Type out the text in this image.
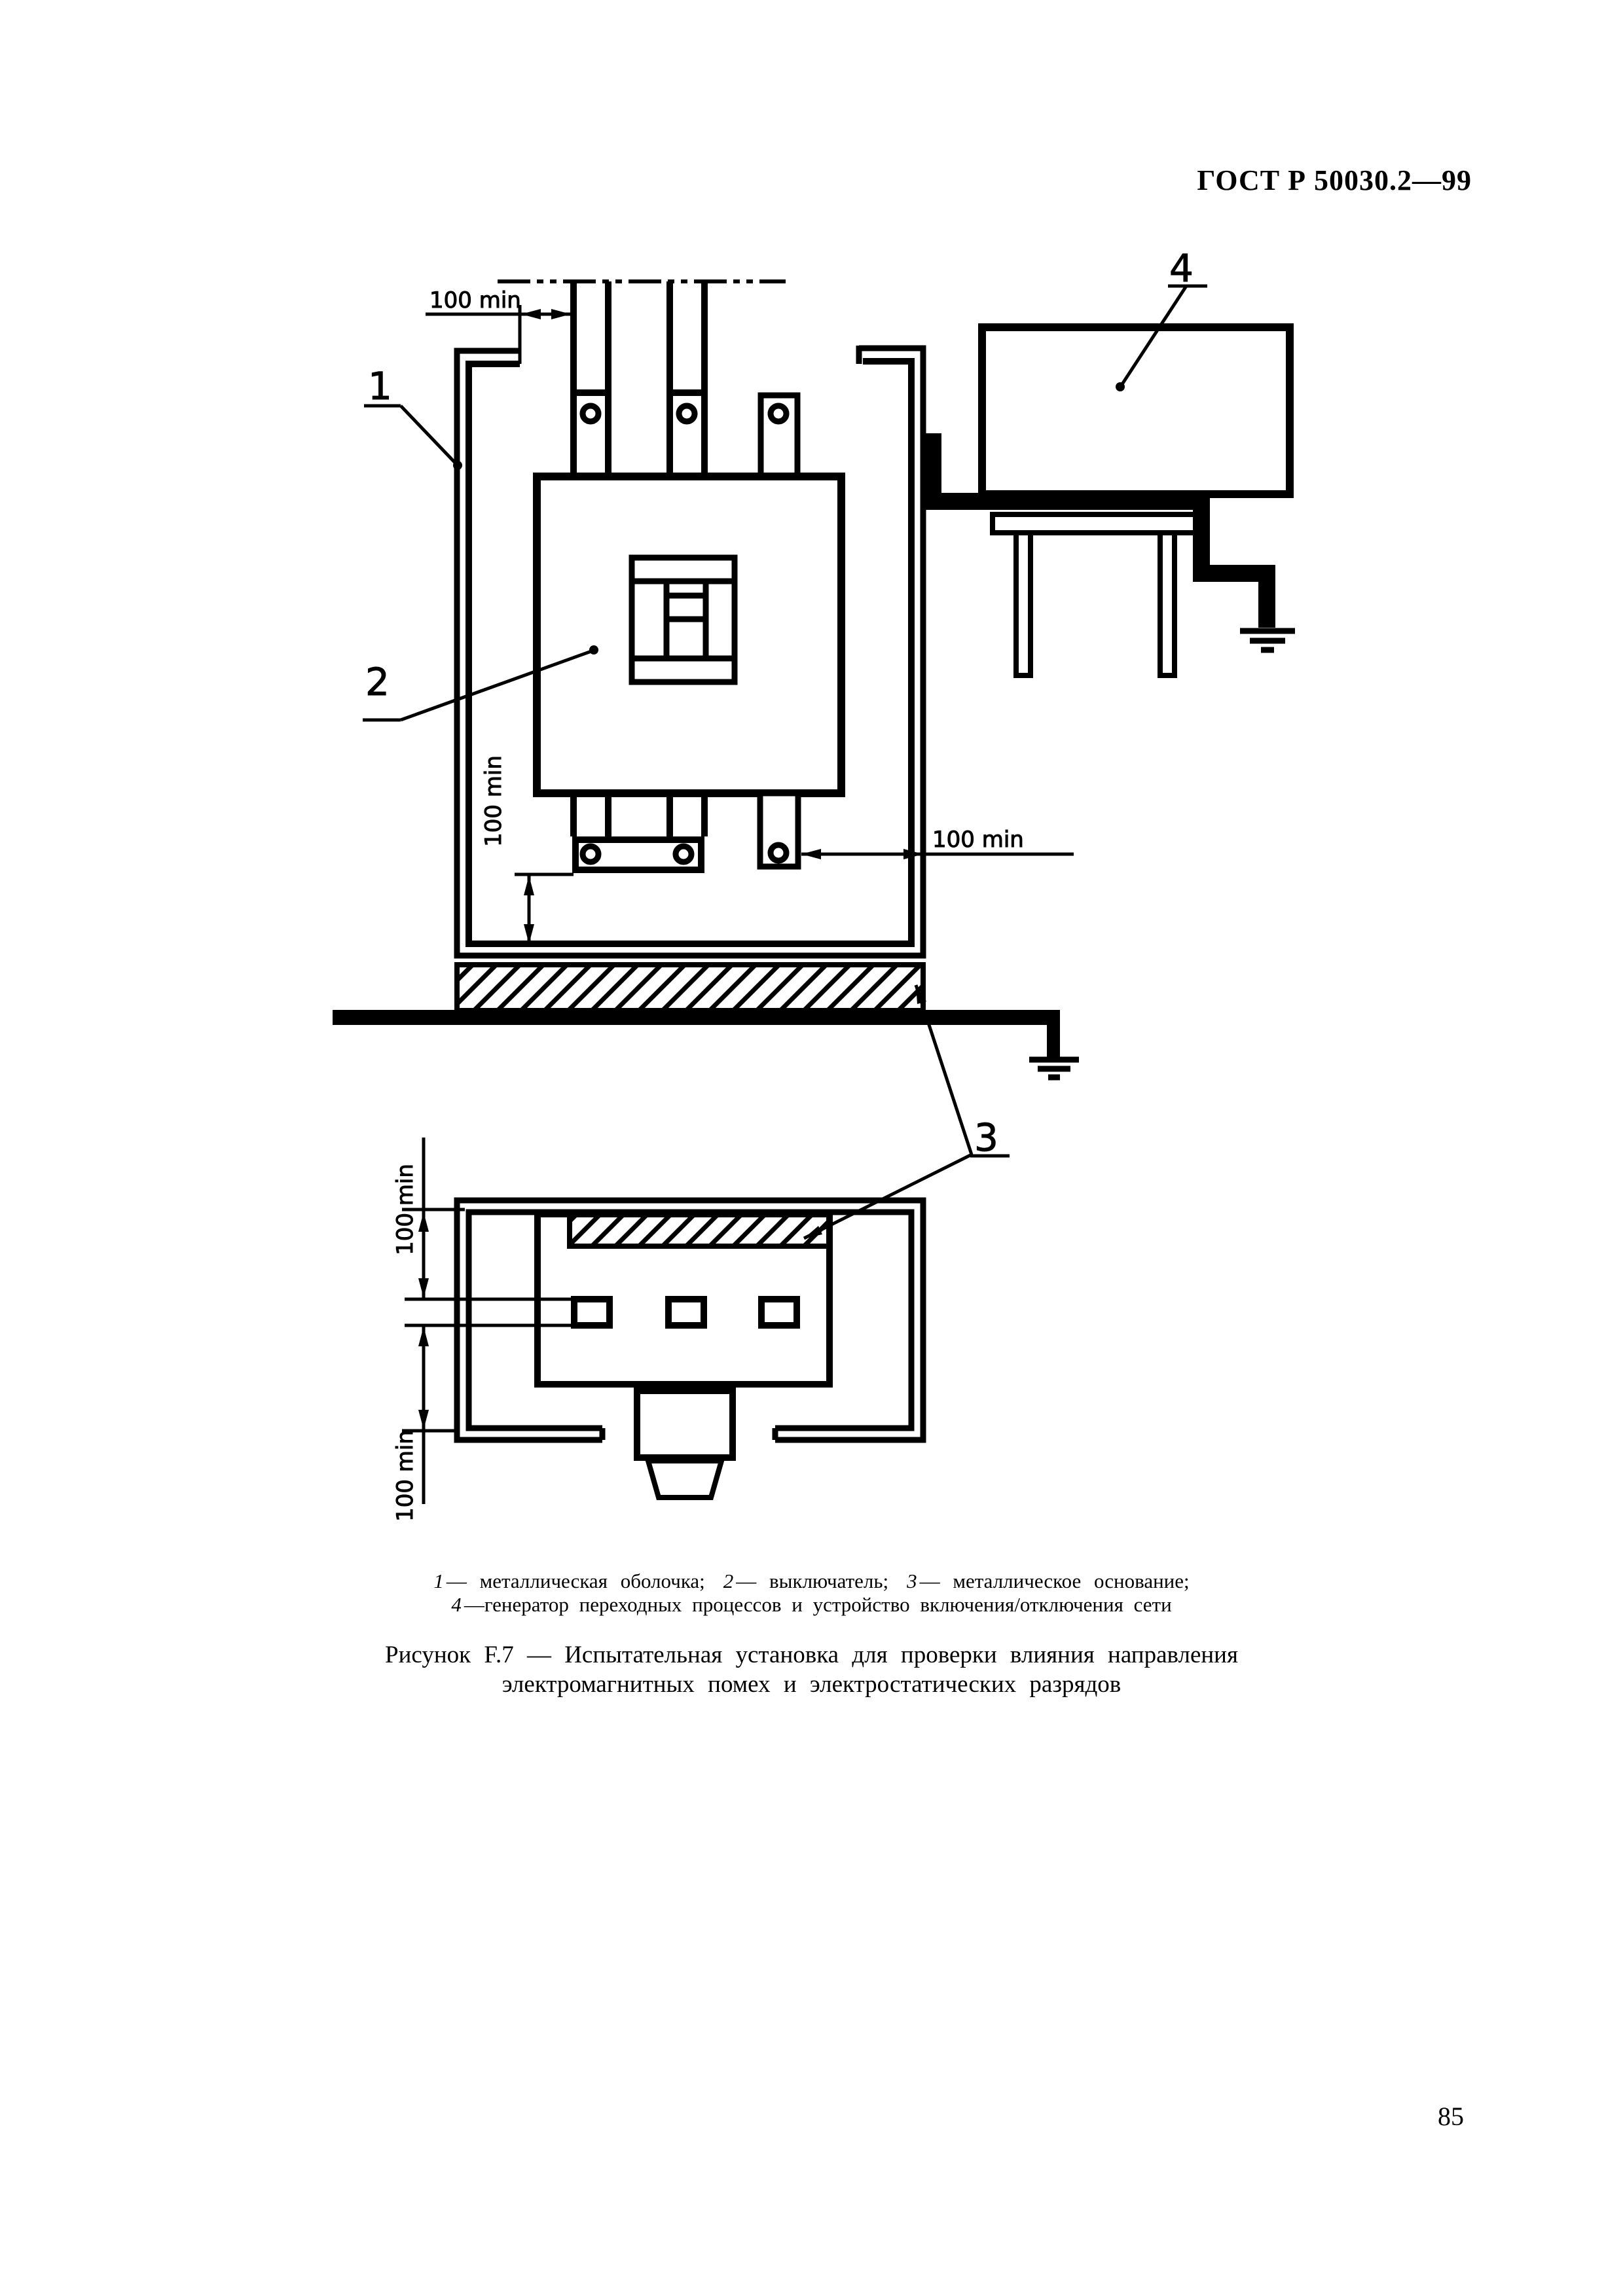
ГОСТ Р 50030.2—99
100 min
100 min	100 min
1
2
4
100 min
100 min
3
1 — металлическая оболочка; 2 — выключатель; 3 — металлическое основание;
4 —генератор переходных процессов и устройство включения/отключения сети
Рисунок F.7 — Испытательная установка для проверки влияния направления
электромагнитных помех и электростатических разрядов
85
